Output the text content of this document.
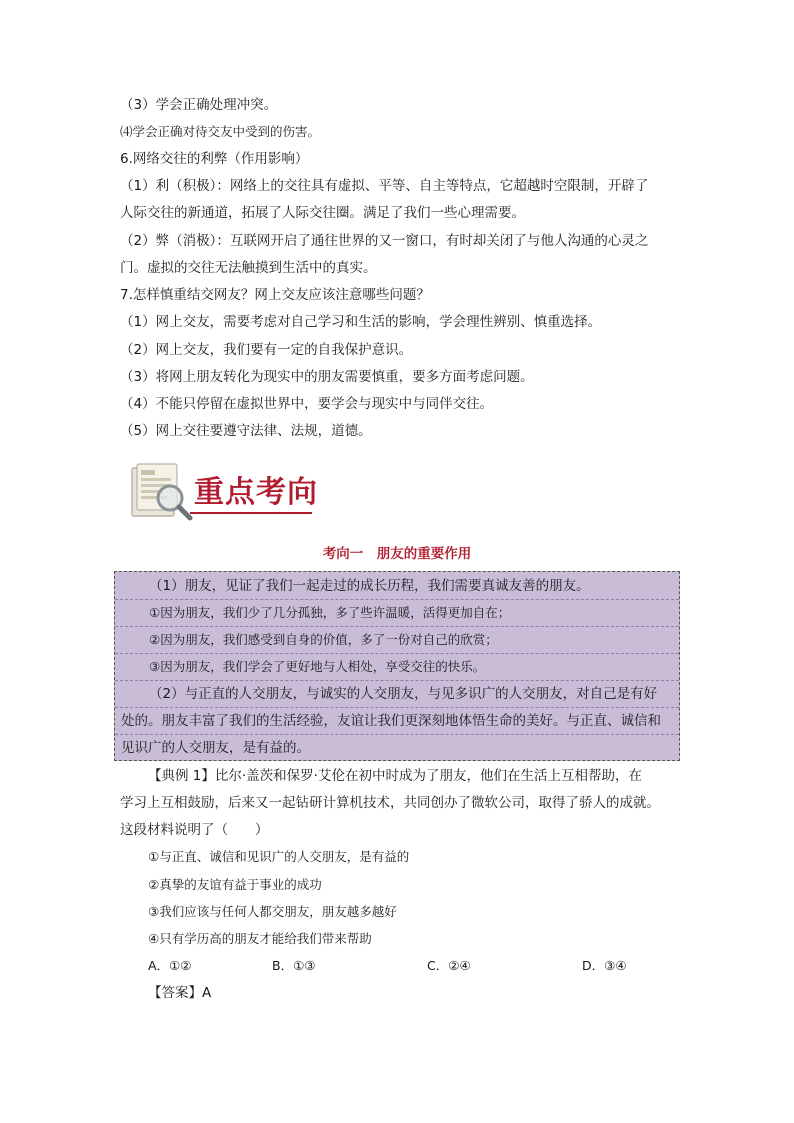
（3）学会正确处理冲突。
⑷学会正确对待交友中受到的伤害。
6.网络交往的利弊（作用影响）
（1）利（积极）：网络上的交往具有虚拟、平等、自主等特点，它超越时空限制，开辟了
人际交往的新通道，拓展了人际交往圈。满足了我们一些心理需要。
（2）弊（消极）：互联网开启了通往世界的又一窗口，有时却关闭了与他人沟通的心灵之
门。虚拟的交往无法触摸到生活中的真实。
7.怎样慎重结交网友？网上交友应该注意哪些问题？
（1）网上交友，需要考虑对自己学习和生活的影响，学会理性辨别、慎重选择。
（2）网上交友，我们要有一定的自我保护意识。
（3）将网上朋友转化为现实中的朋友需要慎重，要多方面考虑问题。
（4）不能只停留在虚拟世界中，要学会与现实中与同伴交往。
（5）网上交往要遵守法律、法规，道德。
重点考向
考向一　朋友的重要作用
（1）朋友，见证了我们一起走过的成长历程，我们需要真诚友善的朋友。
①因为朋友，我们少了几分孤独，多了些许温暖，活得更加自在；
②因为朋友，我们感受到自身的价值，多了一份对自己的欣赏；
③因为朋友，我们学会了更好地与人相处，享受交往的快乐。
（2）与正直的人交朋友，与诚实的人交朋友，与见多识广的人交朋友，对自己是有好
处的。朋友丰富了我们的生活经验，友谊让我们更深刻地体悟生命的美好。与正直、诚信和
见识广的人交朋友，是有益的。
【典例 1】比尔·盖茨和保罗·艾伦在初中时成为了朋友，他们在生活上互相帮助，在
学习上互相鼓励，后来又一起钻研计算机技术，共同创办了微软公司，取得了骄人的成就。
这段材料说明了（　　）
①与正直、诚信和见识广的人交朋友，是有益的
②真挚的友谊有益于事业的成功
③我们应该与任何人都交朋友，朋友越多越好
④只有学历高的朋友才能给我们带来帮助
A．①②	B．①③	C．②④	D．③④
【答案】A
